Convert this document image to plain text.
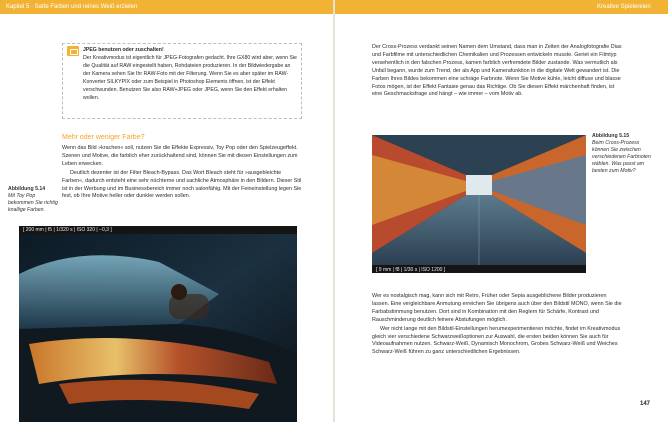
Kapitel 5 · Satte Farben und reines Weiß erzielen
JPEG benutzen oder zuschalten!
Der Kreativmodus ist eigentlich für JPEG-Fotografen gedacht. Ihre GX80 wird aber, wenn Sie die Qualität auf RAW eingestellt haben, Rohdateien produzieren. In der Bildwiedergabe an der Kamera sehen Sie Ihr RAW-Foto mit der Filterung. Wenn Sie es aber später im RAW-Konverter SILKYPIX oder zum Beispiel in Photoshop Elements öffnen, ist der Effekt verschwunden. Benutzen Sie also RAW+JPEG oder JPEG, wenn Sie den Effekt erhalten wollen.
Mehr oder weniger Farbe?

Wenn das Bild »krachen« soll, nutzen Sie die Effekte Expressiv, Toy Pop oder den Spielzeugeffekt. Szenen und Motive, die farblich eher zurückhaltend sind, können Sie mit diesen Einstellungen zum Leben erwecken.

Deutlich dezenter ist der Filter Bleach-Bypass. Das Wort Bleach steht für »ausgebleichte Farben«, dadurch entsteht eine sehr nüchterne und sachliche Atmosphäre in den Bildern. Dieser Stil ist in der Werbung und im Businessbereich immer noch salonfähig. Mit der Feineinstellung legen Sie fest, ob Ihre Motive heller oder dunkler werden sollen.

Abbildung 5.14
Mit Toy Pop bekommen Sie richtig knallige Farben.
[ 200 mm | f5 | 1/320 s | ISO 320 | −0,3 ]
Kreative Spielereien

Der Cross-Prozess verdankt seinen Namen dem Umstand, dass man in Zeiten der Analogfotografie Dias und Farbfilme mit unterschiedlichen Chemikalien und Prozessen entwickeln musste. Geriet ein Filmtyp versehentlich in den falschen Prozess, kamen farblich verfremdete Bilder zustande. Was vermutlich als Unfall begann, wurde zum Trend, der als App und Kamerafunktion in die digitale Welt gewandert ist. Die Farben Ihres Bildes bekommen eine schräge Farbnote. Wenn Sie Motive kühle, leicht diffuse und blasse Fotos mögen, ist der Effekt Fantasie genau das Richtige. Ob Sie diesen Effekt märchenhaft finden, ist eine Geschmacksfrage und hängt – wie immer – vom Motiv ab.

[ 9 mm | f8 | 1/30 s | ISO 1200 ]
Abbildung 5.15
Beim Cross-Prozess können Sie zwischen verschiedenen Farbnoten wählen. Was passt am besten zum Motiv?

Wer es nostalgisch mag, kann sich mit Retro, Früher oder Sepia ausgeblichene Bilder produzieren lassen. Eine vergleichbare Anmutung erreichen Sie übrigens auch über den Bildstil MONO, wenn Sie die Farbabstimmung benutzen. Dort sind in Kombination mit den Reglern für Schärfe, Kontrast und Rauschminderung deutlich feinere Abstufungen möglich.

Wer nicht lange mit den Bildstil-Einstellungen herumexperimentieren möchte, findet im Kreativmodus gleich vier verschiedene Schwarzweißoptionen zur Auswahl, die ersten beiden können Sie auch für Videoaufnahmen nutzen. Schwarz-Weiß, Dynamisch Monochrom, Grobes Schwarz-Weiß und Weiches Schwarz-Weiß führen zu ganz unterschiedlichen Ergebnissen.

147
